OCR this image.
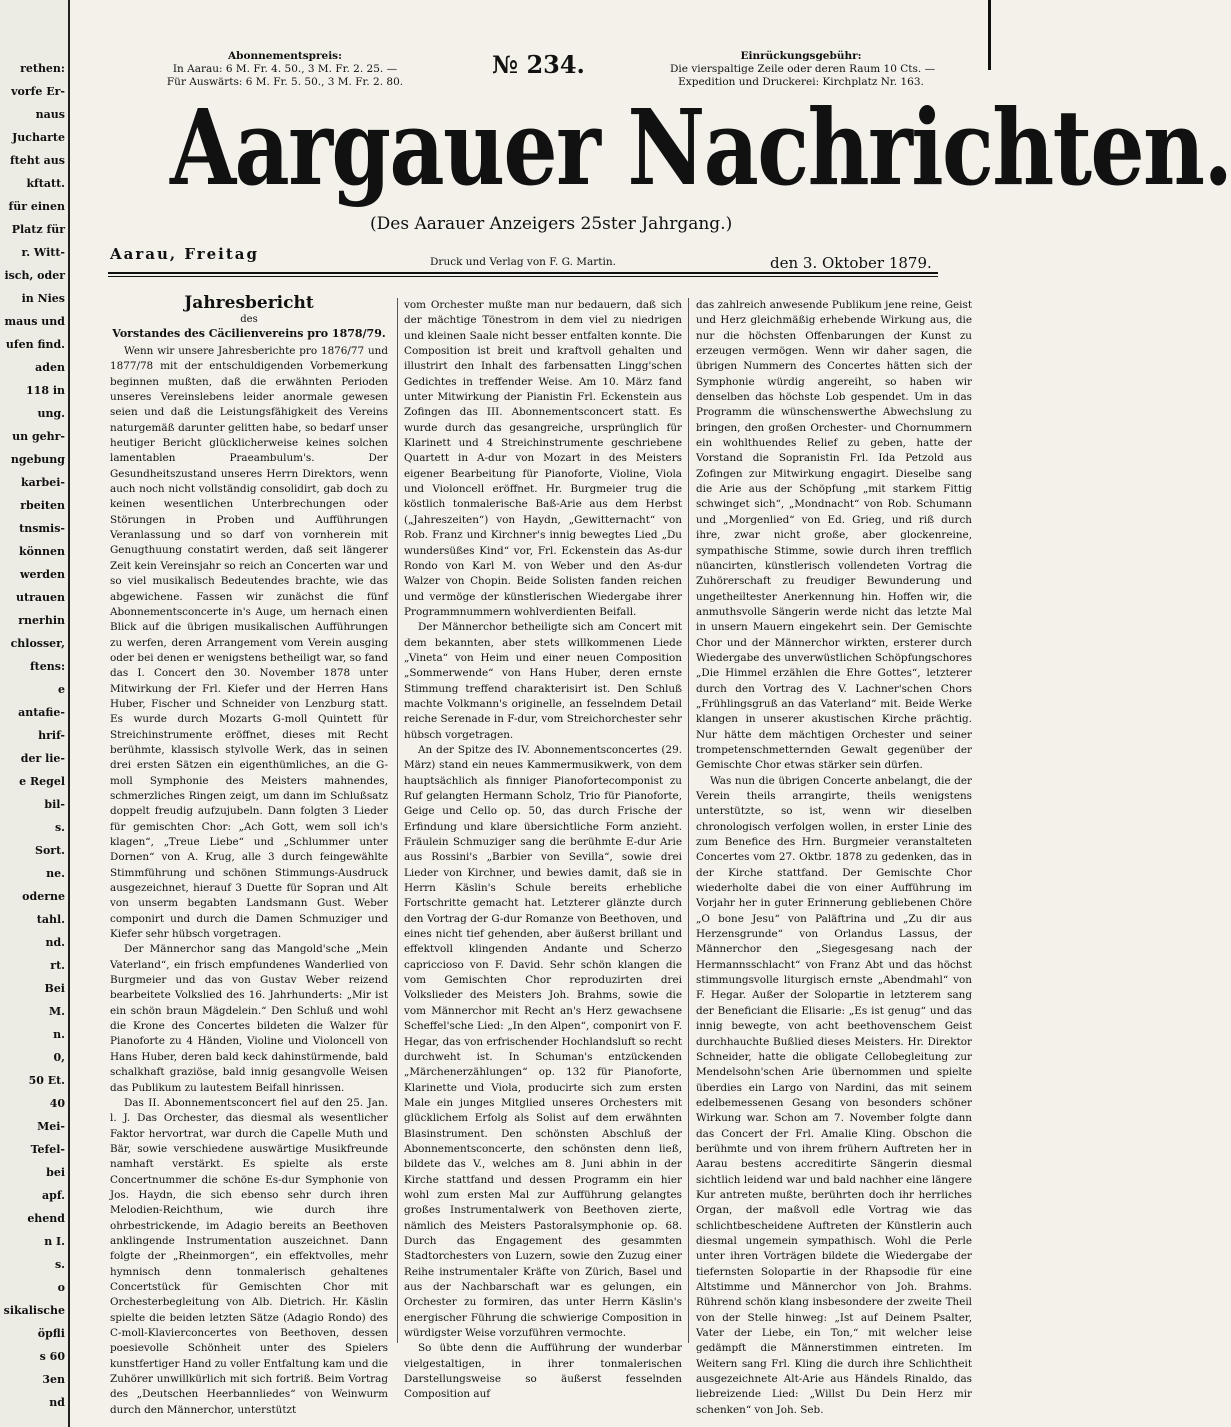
rethen:
vorfe Er-
naus
Jucharte
fteht aus
kftatt.
für einen
Platz für
r. Witt-
isch, oder
in Nies
maus und
ufen find.
aden
118 in
ung.
un gehr-
ngebung
karbei-
rbeiten
tnsmis-
können
werden
utrauen
rnerhin
chlosser,
ftens:
e
antafie-
hrif-
der lie-
e Regel
bil-
s.
Sort.
ne.
oderne
tahl.
nd.
rt.
Bei
M.
n.
0,
50 Et.
40
Mei-
Tefel-
bei
apf.
ehend
n I.
s.
o
sikalische
öpfli
s 60
3en
nd
Abonnementspreis:
In Aarau: 6 M. Fr. 4. 50., 3 M. Fr. 2. 25. —
Für Auswärts: 6 M. Fr. 5. 50., 3 M. Fr. 2. 80.
№ 234.	Einrückungsgebühr:
Die vierspaltige Zeile oder deren Raum 10 Cts. —
Expedition und Druckerei: Kirchplatz Nr. 163.
Aargauer Nachrichten.
(Des Aarauer Anzeigers 25ster Jahrgang.)
Aarau, Freitag	Druck und Verlag von F. G. Martin.	den 3. Oktober 1879.
Jahresbericht
des
Vorstandes des Cäcilienvereins pro 1878/79.

Wenn wir unsere Jahresberichte pro 1876/77 und 1877/78 mit der entschuldigenden Vorbemerkung beginnen mußten, daß die erwähnten Perioden unseres Vereinslebens leider anormale gewesen seien und daß die Leistungsfähigkeit des Vereins naturgemäß darunter gelitten habe, so bedarf unser heutiger Bericht glücklicherweise keines solchen lamentablen Praeambulum's. Der Gesundheitszustand unseres Herrn Direktors, wenn auch noch nicht vollständig consolidirt, gab doch zu keinen wesentlichen Unterbrechungen oder Störungen in Proben und Aufführungen Veranlassung und so darf von vornherein mit Genugthuung constatirt werden, daß seit längerer Zeit kein Vereinsjahr so reich an Concerten war und so viel musikalisch Bedeutendes brachte, wie das abgewichene. Fassen wir zunächst die fünf Abonnementsconcerte in's Auge, um hernach einen Blick auf die übrigen musikalischen Aufführungen zu werfen, deren Arrangement vom Verein ausging oder bei denen er wenigstens betheiligt war, so fand das I. Concert den 30. November 1878 unter Mitwirkung der Frl. Kiefer und der Herren Hans Huber, Fischer und Schneider von Lenzburg statt. Es wurde durch Mozarts G-moll Quintett für Streichinstrumente eröffnet, dieses mit Recht berühmte, klassisch stylvolle Werk, das in seinen drei ersten Sätzen ein eigenthümliches, an die G-moll Symphonie des Meisters mahnendes, schmerzliches Ringen zeigt, um dann im Schlußsatz doppelt freudig aufzujubeln. Dann folgten 3 Lieder für gemischten Chor: „Ach Gott, wem soll ich's klagen“, „Treue Liebe“ und „Schlummer unter Dornen“ von A. Krug, alle 3 durch feingewählte Stimmführung und schönen Stimmungs-Ausdruck ausgezeichnet, hierauf 3 Duette für Sopran und Alt von unserm begabten Landsmann Gust. Weber componirt und durch die Damen Schmuziger und Kiefer sehr hübsch vorgetragen.

Der Männerchor sang das Mangold'sche „Mein Vaterland“, ein frisch empfundenes Wanderlied von Burgmeier und das von Gustav Weber reizend bearbeitete Volkslied des 16. Jahrhunderts: „Mir ist ein schön braun Mägdelein.“ Den Schluß und wohl die Krone des Concertes bildeten die Walzer für Pianoforte zu 4 Händen, Violine und Violoncell von Hans Huber, deren bald keck dahinstürmende, bald schalkhaft graziöse, bald innig gesangvolle Weisen das Publikum zu lautestem Beifall hinrissen.

Das II. Abonnementsconcert fiel auf den 25. Jan. l. J. Das Orchester, das diesmal als wesentlicher Faktor hervortrat, war durch die Capelle Muth und Bär, sowie verschiedene auswärtige Musikfreunde namhaft verstärkt. Es spielte als erste Concertnummer die schöne Es-dur Symphonie von Jos. Haydn, die sich ebenso sehr durch ihren Melodien-Reichthum, wie durch ihre ohrbestrickende, im Adagio bereits an Beethoven anklingende Instrumentation auszeichnet. Dann folgte der „Rheinmorgen“, ein effektvolles, mehr hymnisch denn tonmalerisch gehaltenes Concertstück für Gemischten Chor mit Orchesterbegleitung von Alb. Dietrich. Hr. Käslin spielte die beiden letzten Sätze (Adagio Rondo) des C-moll-Klavierconcertes von Beethoven, dessen poesievolle Schönheit unter des Spielers kunstfertiger Hand zu voller Entfaltung kam und die Zuhörer unwillkürlich mit sich fortriß. Beim Vortrag des „Deutschen Heerbannliedes“ von Weinwurm durch den Männerchor, unterstützt

vom Orchester mußte man nur bedauern, daß sich der mächtige Tönestrom in dem viel zu niedrigen und kleinen Saale nicht besser entfalten konnte. Die Composition ist breit und kraftvoll gehalten und illustrirt den Inhalt des farbensatten Lingg'schen Gedichtes in treffender Weise. Am 10. März fand unter Mitwirkung der Pianistin Frl. Eckenstein aus Zofingen das III. Abonnementsconcert statt. Es wurde durch das gesangreiche, ursprünglich für Klarinett und 4 Streichinstrumente geschriebene Quartett in A-dur von Mozart in des Meisters eigener Bearbeitung für Pianoforte, Violine, Viola und Violoncell eröffnet. Hr. Burgmeier trug die köstlich tonmalerische Baß-Arie aus dem Herbst („Jahreszeiten“) von Haydn, „Gewitternacht“ von Rob. Franz und Kirchner's innig bewegtes Lied „Du wundersüßes Kind“ vor, Frl. Eckenstein das As-dur Rondo von Karl M. von Weber und den As-dur Walzer von Chopin. Beide Solisten fanden reichen und vermöge der künstlerischen Wiedergabe ihrer Programmnummern wohlverdienten Beifall.

Der Männerchor betheiligte sich am Concert mit dem bekannten, aber stets willkommenen Liede „Vineta“ von Heim und einer neuen Composition „Sommerwende“ von Hans Huber, deren ernste Stimmung treffend charakterisirt ist. Den Schluß machte Volkmann's originelle, an fesselndem Detail reiche Serenade in F-dur, vom Streichorchester sehr hübsch vorgetragen.

An der Spitze des IV. Abonnementsconcertes (29. März) stand ein neues Kammermusikwerk, von dem hauptsächlich als finniger Pianofortecomponist zu Ruf gelangten Hermann Scholz, Trio für Pianoforte, Geige und Cello op. 50, das durch Frische der Erfindung und klare übersichtliche Form anzieht. Fräulein Schmuziger sang die berühmte E-dur Arie aus Rossini's „Barbier von Sevilla“, sowie drei Lieder von Kirchner, und bewies damit, daß sie in Herrn Käslin's Schule bereits erhebliche Fortschritte gemacht hat. Letzterer glänzte durch den Vortrag der G-dur Romanze von Beethoven, und eines nicht tief gehenden, aber äußerst brillant und effektvoll klingenden Andante und Scherzo capriccioso von F. David. Sehr schön klangen die vom Gemischten Chor reproduzirten drei Volkslieder des Meisters Joh. Brahms, sowie die vom Männerchor mit Recht an's Herz gewachsene Scheffel'sche Lied: „In den Alpen“, componirt von F. Hegar, das von erfrischender Hochlandsluft so recht durchweht ist. In Schuman's entzückenden „Märchenerzählungen“ op. 132 für Pianoforte, Klarinette und Viola, producirte sich zum ersten Male ein junges Mitglied unseres Orchesters mit glücklichem Erfolg als Solist auf dem erwähnten Blasinstrument. Den schönsten Abschluß der Abonnementsconcerte, den schönsten denn ließ, bildete das V., welches am 8. Juni abhin in der Kirche stattfand und dessen Programm ein hier wohl zum ersten Mal zur Aufführung gelangtes großes Instrumentalwerk von Beethoven zierte, nämlich des Meisters Pastoralsymphonie op. 68. Durch das Engagement des gesammten Stadtorchesters von Luzern, sowie den Zuzug einer Reihe instrumentaler Kräfte von Zürich, Basel und aus der Nachbarschaft war es gelungen, ein Orchester zu formiren, das unter Herrn Käslin's energischer Führung die schwierige Composition in würdigster Weise vorzuführen vermochte.

So übte denn die Aufführung der wunderbar vielgestaltigen, in ihrer tonmalerischen Darstellungsweise so äußerst fesselnden Composition auf

das zahlreich anwesende Publikum jene reine, Geist und Herz gleichmäßig erhebende Wirkung aus, die nur die höchsten Offenbarungen der Kunst zu erzeugen vermögen. Wenn wir daher sagen, die übrigen Nummern des Concertes hätten sich der Symphonie würdig angereiht, so haben wir denselben das höchste Lob gespendet. Um in das Programm die wünschenswerthe Abwechslung zu bringen, den großen Orchester- und Chornummern ein wohlthuendes Relief zu geben, hatte der Vorstand die Sopranistin Frl. Ida Petzold aus Zofingen zur Mitwirkung engagirt. Dieselbe sang die Arie aus der Schöpfung „mit starkem Fittig schwinget sich“, „Mondnacht“ von Rob. Schumann und „Morgenlied“ von Ed. Grieg, und riß durch ihre, zwar nicht große, aber glockenreine, sympathische Stimme, sowie durch ihren trefflich nüancirten, künstlerisch vollendeten Vortrag die Zuhörerschaft zu freudiger Bewunderung und ungetheiltester Anerkennung hin. Hoffen wir, die anmuthsvolle Sängerin werde nicht das letzte Mal in unsern Mauern eingekehrt sein. Der Gemischte Chor und der Männerchor wirkten, ersterer durch Wiedergabe des unverwüstlichen Schöpfungschores „Die Himmel erzählen die Ehre Gottes“, letzterer durch den Vortrag des V. Lachner'schen Chors „Frühlingsgruß an das Vaterland“ mit. Beide Werke klangen in unserer akustischen Kirche prächtig. Nur hätte dem mächtigen Orchester und seiner trompetenschmetternden Gewalt gegenüber der Gemischte Chor etwas stärker sein dürfen.

Was nun die übrigen Concerte anbelangt, die der Verein theils arrangirte, theils wenigstens unterstützte, so ist, wenn wir dieselben chronologisch verfolgen wollen, in erster Linie des zum Benefice des Hrn. Burgmeier veranstalteten Concertes vom 27. Oktbr. 1878 zu gedenken, das in der Kirche stattfand. Der Gemischte Chor wiederholte dabei die von einer Aufführung im Vorjahr her in guter Erinnerung gebliebenen Chöre „O bone Jesu“ von Paläftrina und „Zu dir aus Herzensgrunde“ von Orlandus Lassus, der Männerchor den „Siegesgesang nach der Hermannsschlacht“ von Franz Abt und das höchst stimmungsvolle liturgisch ernste „Abendmahl“ von F. Hegar. Außer der Solopartie in letzterem sang der Beneficiant die Elisarie: „Es ist genug“ und das innig bewegte, von acht beethovenschem Geist durchhauchte Bußlied dieses Meisters. Hr. Direktor Schneider, hatte die obligate Cellobegleitung zur Mendelsohn'schen Arie übernommen und spielte überdies ein Largo von Nardini, das mit seinem edelbemessenen Gesang von besonders schöner Wirkung war. Schon am 7. November folgte dann das Concert der Frl. Amalie Kling. Obschon die berühmte und von ihrem frühern Auftreten her in Aarau bestens accreditirte Sängerin diesmal sichtlich leidend war und bald nachher eine längere Kur antreten mußte, berührten doch ihr herrliches Organ, der maßvoll edle Vortrag wie das schlichtbescheidene Auftreten der Künstlerin auch diesmal ungemein sympathisch. Wohl die Perle unter ihren Vorträgen bildete die Wiedergabe der tiefernsten Solopartie in der Rhapsodie für eine Altstimme und Männerchor von Joh. Brahms. Rührend schön klang insbesondere der zweite Theil von der Stelle hinweg: „Ist auf Deinem Psalter, Vater der Liebe, ein Ton,“ mit welcher leise gedämpft die Männerstimmen eintreten. Im Weitern sang Frl. Kling die durch ihre Schlichtheit ausgezeichnete Alt-Arie aus Händels Rinaldo, das liebreizende Lied: „Willst Du Dein Herz mir schenken“ von Joh. Seb.
